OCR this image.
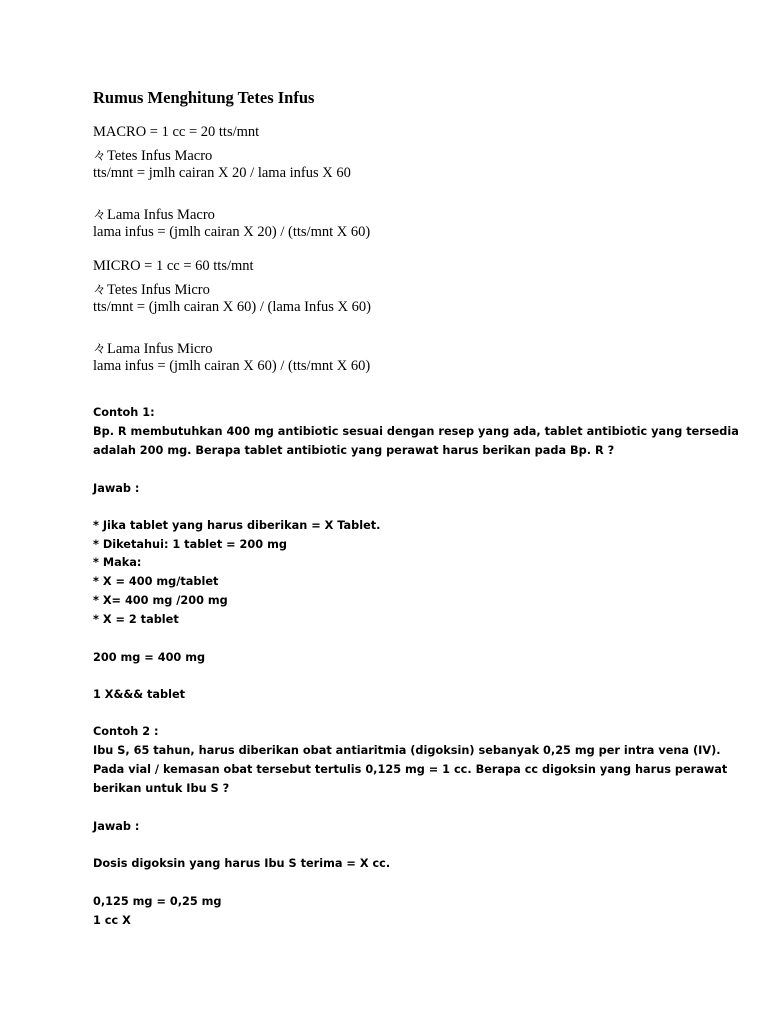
Rumus Menghitung Tetes Infus
MACRO = 1 cc = 20 tts/mnt
々Tetes Infus Macro
tts/mnt = jmlh cairan X 20 / lama infus X 60
々Lama Infus Macro
lama infus = (jmlh cairan X 20) / (tts/mnt X 60)
MICRO = 1 cc = 60 tts/mnt
々Tetes Infus Micro
tts/mnt = (jmlh cairan X 60) / (lama Infus X 60)
々Lama Infus Micro
lama infus = (jmlh cairan X 60) / (tts/mnt X 60)
Contoh 1:
Bp. R membutuhkan 400 mg antibiotic sesuai dengan resep yang ada, tablet antibiotic yang tersedia
adalah 200 mg. Berapa tablet antibiotic yang perawat harus berikan pada Bp. R ?
Jawab :
* Jika tablet yang harus diberikan = X Tablet.
* Diketahui: 1 tablet = 200 mg
* Maka:
* X = 400 mg/tablet
* X= 400 mg /200 mg
* X = 2 tablet
200 mg = 400 mg
1 X&&& tablet
Contoh 2 :
Ibu S, 65 tahun, harus diberikan obat antiaritmia (digoksin) sebanyak 0,25 mg per intra vena (IV).
Pada vial / kemasan obat tersebut tertulis 0,125 mg = 1 cc. Berapa cc digoksin yang harus perawat
berikan untuk Ibu S ?
Jawab :
Dosis digoksin yang harus Ibu S terima = X cc.
0,125 mg = 0,25 mg
1 cc X
